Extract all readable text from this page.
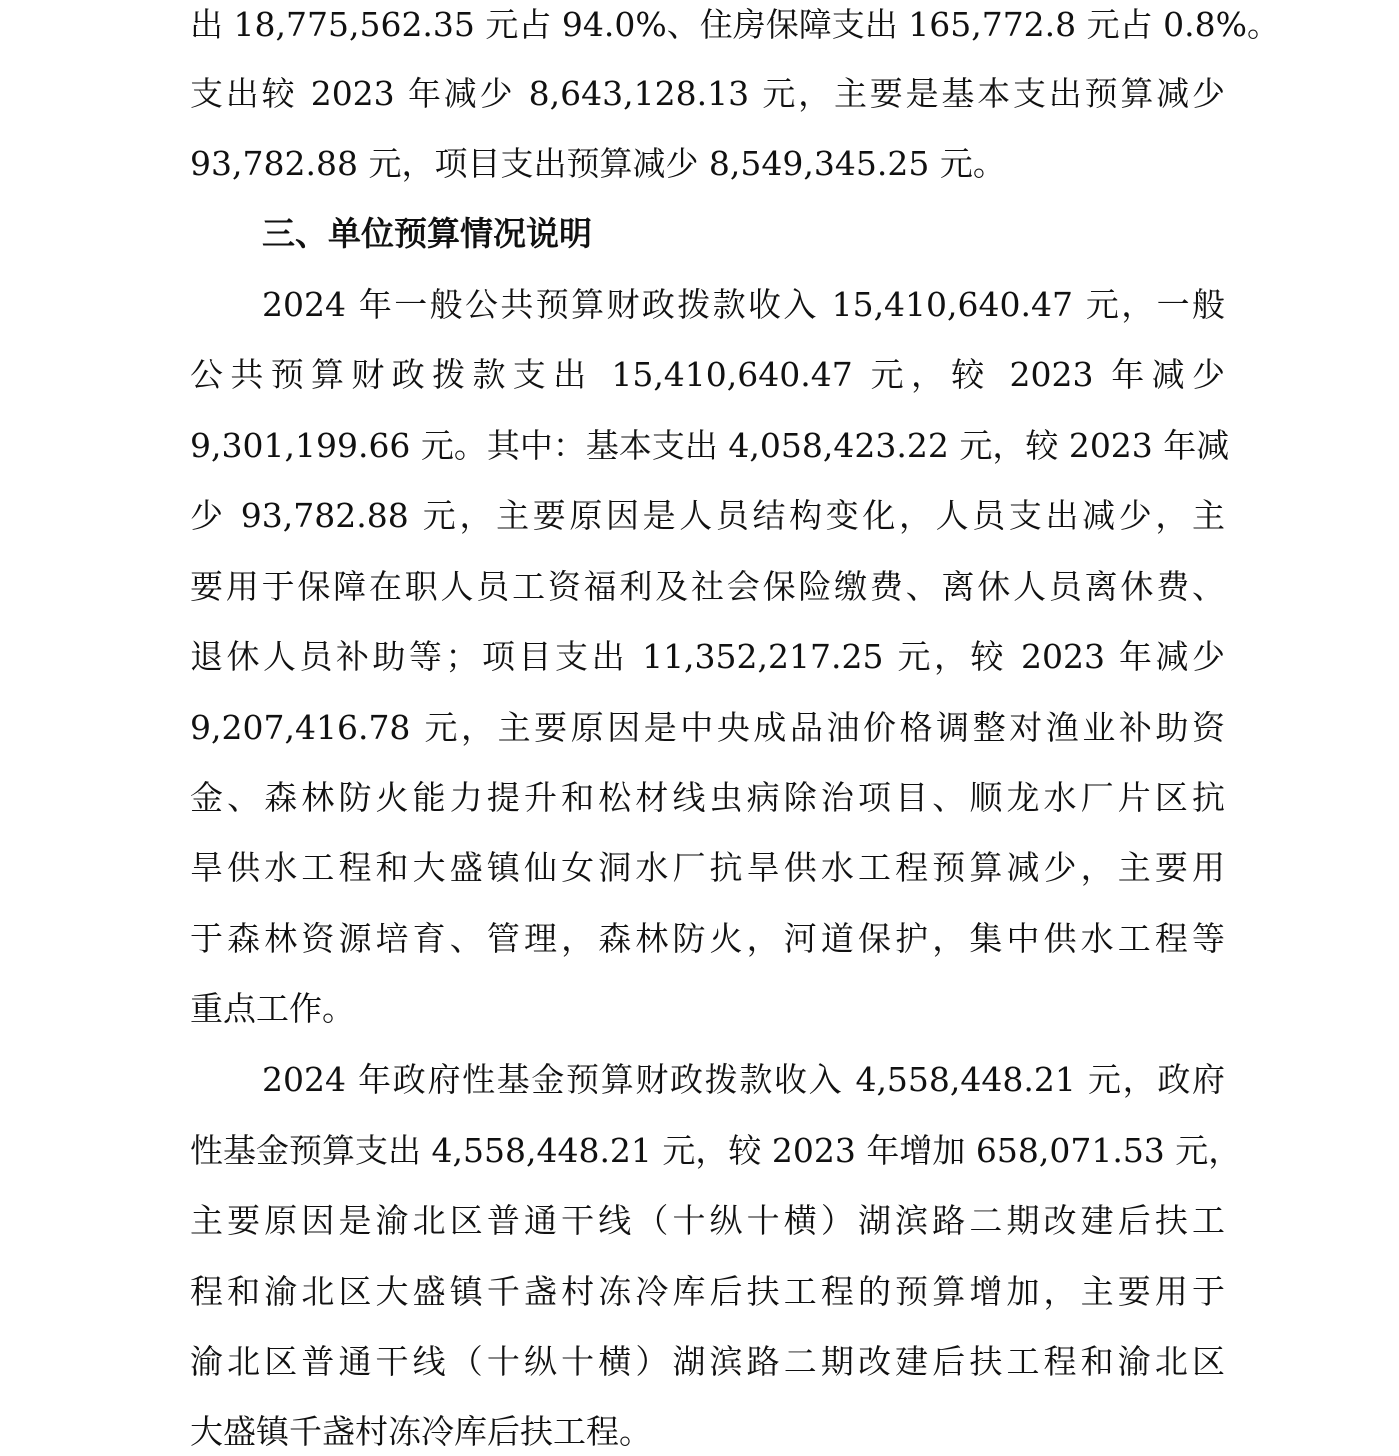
出 18,775,562.35 元占 94.0%、住房保障支出 165,772.8 元占 0.8%。

支出较 2023 年减少 8,643,128.13 元，主要是基本支出预算减少

93,782.88 元，项目支出预算减少 8,549,345.25 元。

三、单位预算情况说明

2024 年一般公共预算财政拨款收入 15,410,640.47 元，一般

公共预算财政拨款支出 15,410,640.47 元，较 2023 年减少

9,301,199.66 元。其中：基本支出 4,058,423.22 元，较 2023 年减

少 93,782.88 元，主要原因是人员结构变化，人员支出减少，主

要用于保障在职人员工资福利及社会保险缴费、离休人员离休费、

退休人员补助等；项目支出 11,352,217.25 元，较 2023 年减少

9,207,416.78 元，主要原因是中央成品油价格调整对渔业补助资

金、森林防火能力提升和松材线虫病除治项目、顺龙水厂片区抗

旱供水工程和大盛镇仙女洞水厂抗旱供水工程预算减少，主要用

于森林资源培育、管理，森林防火，河道保护，集中供水工程等

重点工作。

2024 年政府性基金预算财政拨款收入 4,558,448.21 元，政府

性基金预算支出 4,558,448.21 元，较 2023 年增加 658,071.53 元，

主要原因是渝北区普通干线（十纵十横）湖滨路二期改建后扶工

程和渝北区大盛镇千盏村冻冷库后扶工程的预算增加，主要用于

渝北区普通干线（十纵十横）湖滨路二期改建后扶工程和渝北区

大盛镇千盏村冻冷库后扶工程。
